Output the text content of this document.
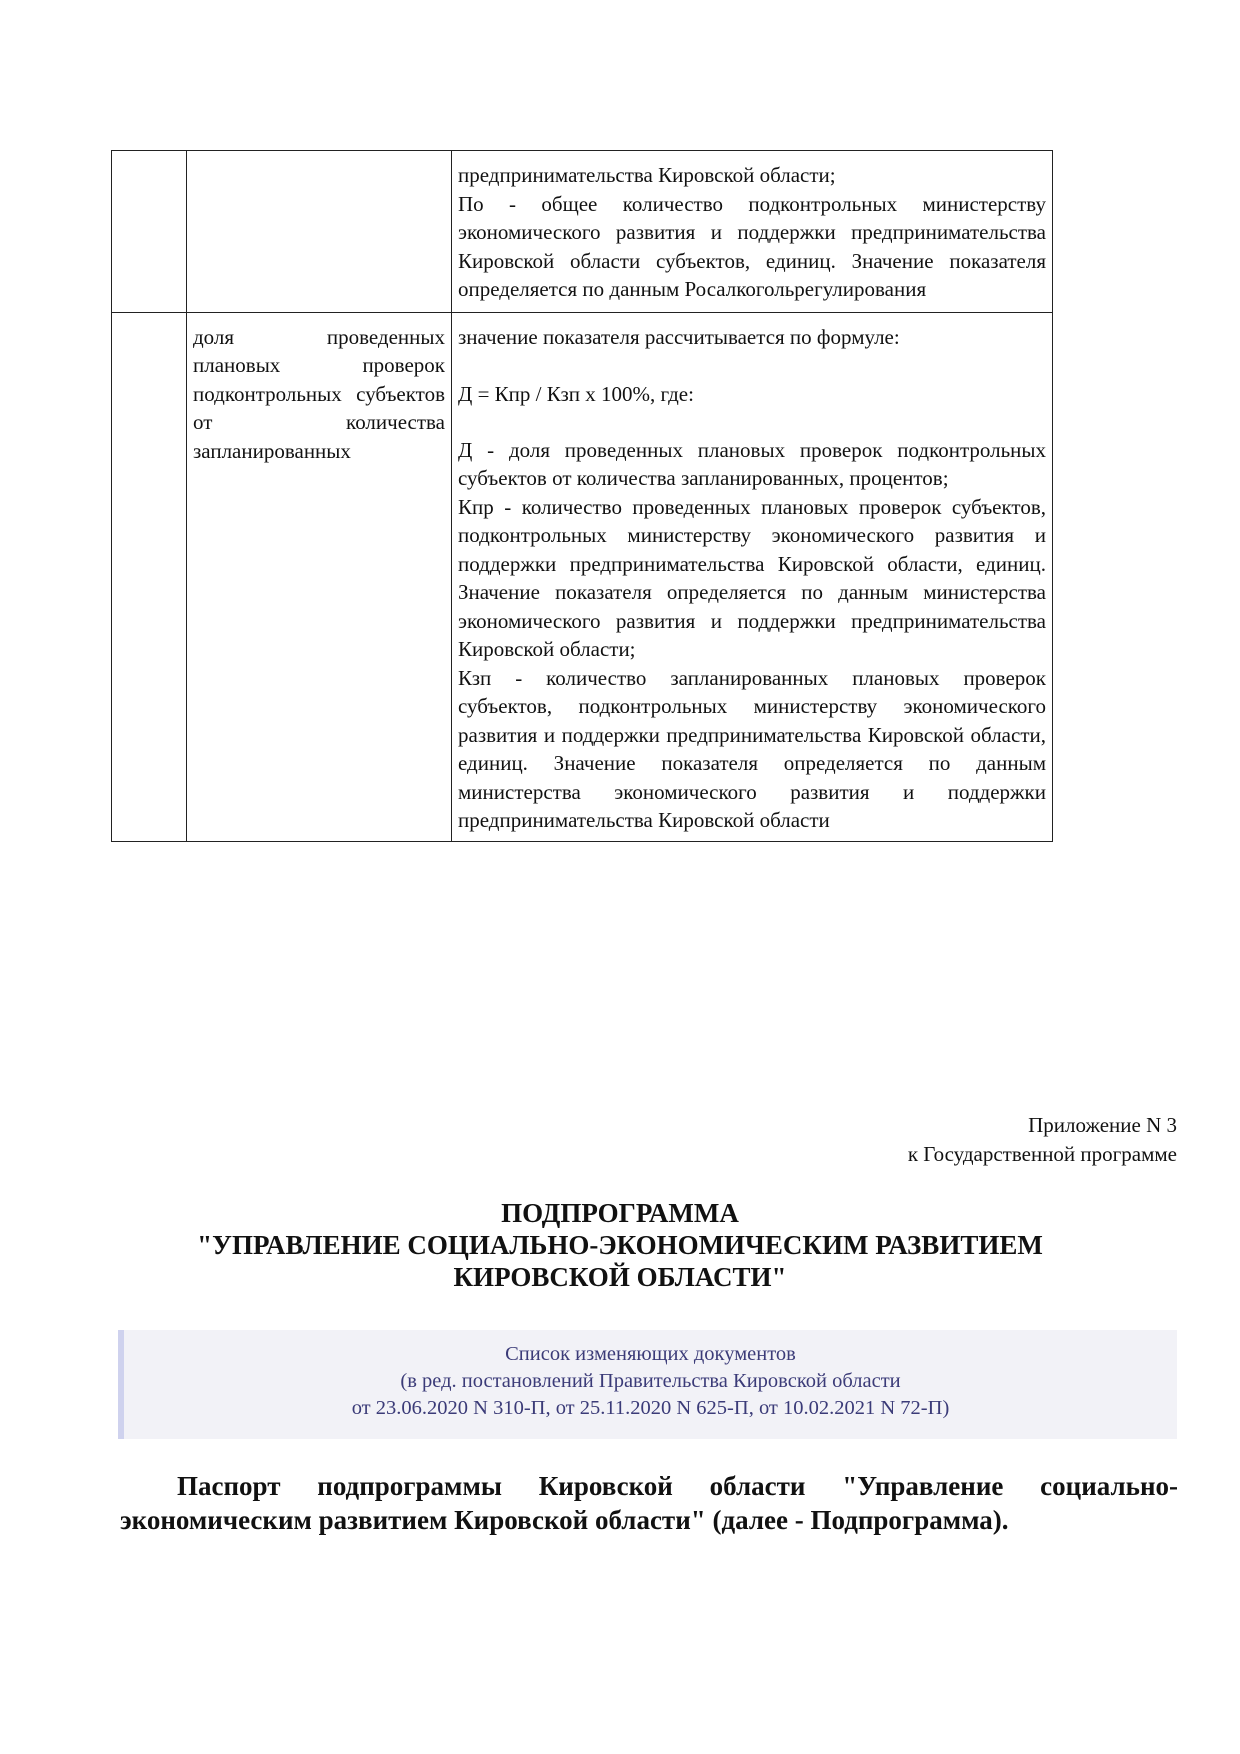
		предпринимательства Кировской области;

По - общее количество подконтрольных министерству экономического развития и поддержки предпринимательства Кировской области субъектов, единиц. Значение показателя определяется по данным Росалкогольрегулирования

	доля проведенных плановых проверок подконтрольных субъектов от количества запланированных	значение показателя рассчитывается по формуле:

Д = Кпр / Кзп х 100%, где:

Д - доля проведенных плановых проверок подконтрольных субъектов от количества запланированных, процентов;

Кпр - количество проведенных плановых проверок субъектов, подконтрольных министерству экономического развития и поддержки предпринимательства Кировской области, единиц. Значение показателя определяется по данным министерства экономического развития и поддержки предпринимательства Кировской области;

Кзп - количество запланированных плановых проверок субъектов, подконтрольных министерству экономического развития и поддержки предпринимательства Кировской области, единиц. Значение показателя определяется по данным министерства экономического развития и поддержки предпринимательства Кировской области

Приложение N 3
к Государственной программе
ПОДПРОГРАММА
"УПРАВЛЕНИЕ СОЦИАЛЬНО-ЭКОНОМИЧЕСКИМ РАЗВИТИЕМ
КИРОВСКОЙ ОБЛАСТИ"
Список изменяющих документов
(в ред. постановлений Правительства Кировской области
от 23.06.2020 N 310-П, от 25.11.2020 N 625-П, от 10.02.2021 N 72-П)

Паспорт подпрограммы Кировской области "Управление социально-экономическим развитием Кировской области" (далее - Подпрограмма).
